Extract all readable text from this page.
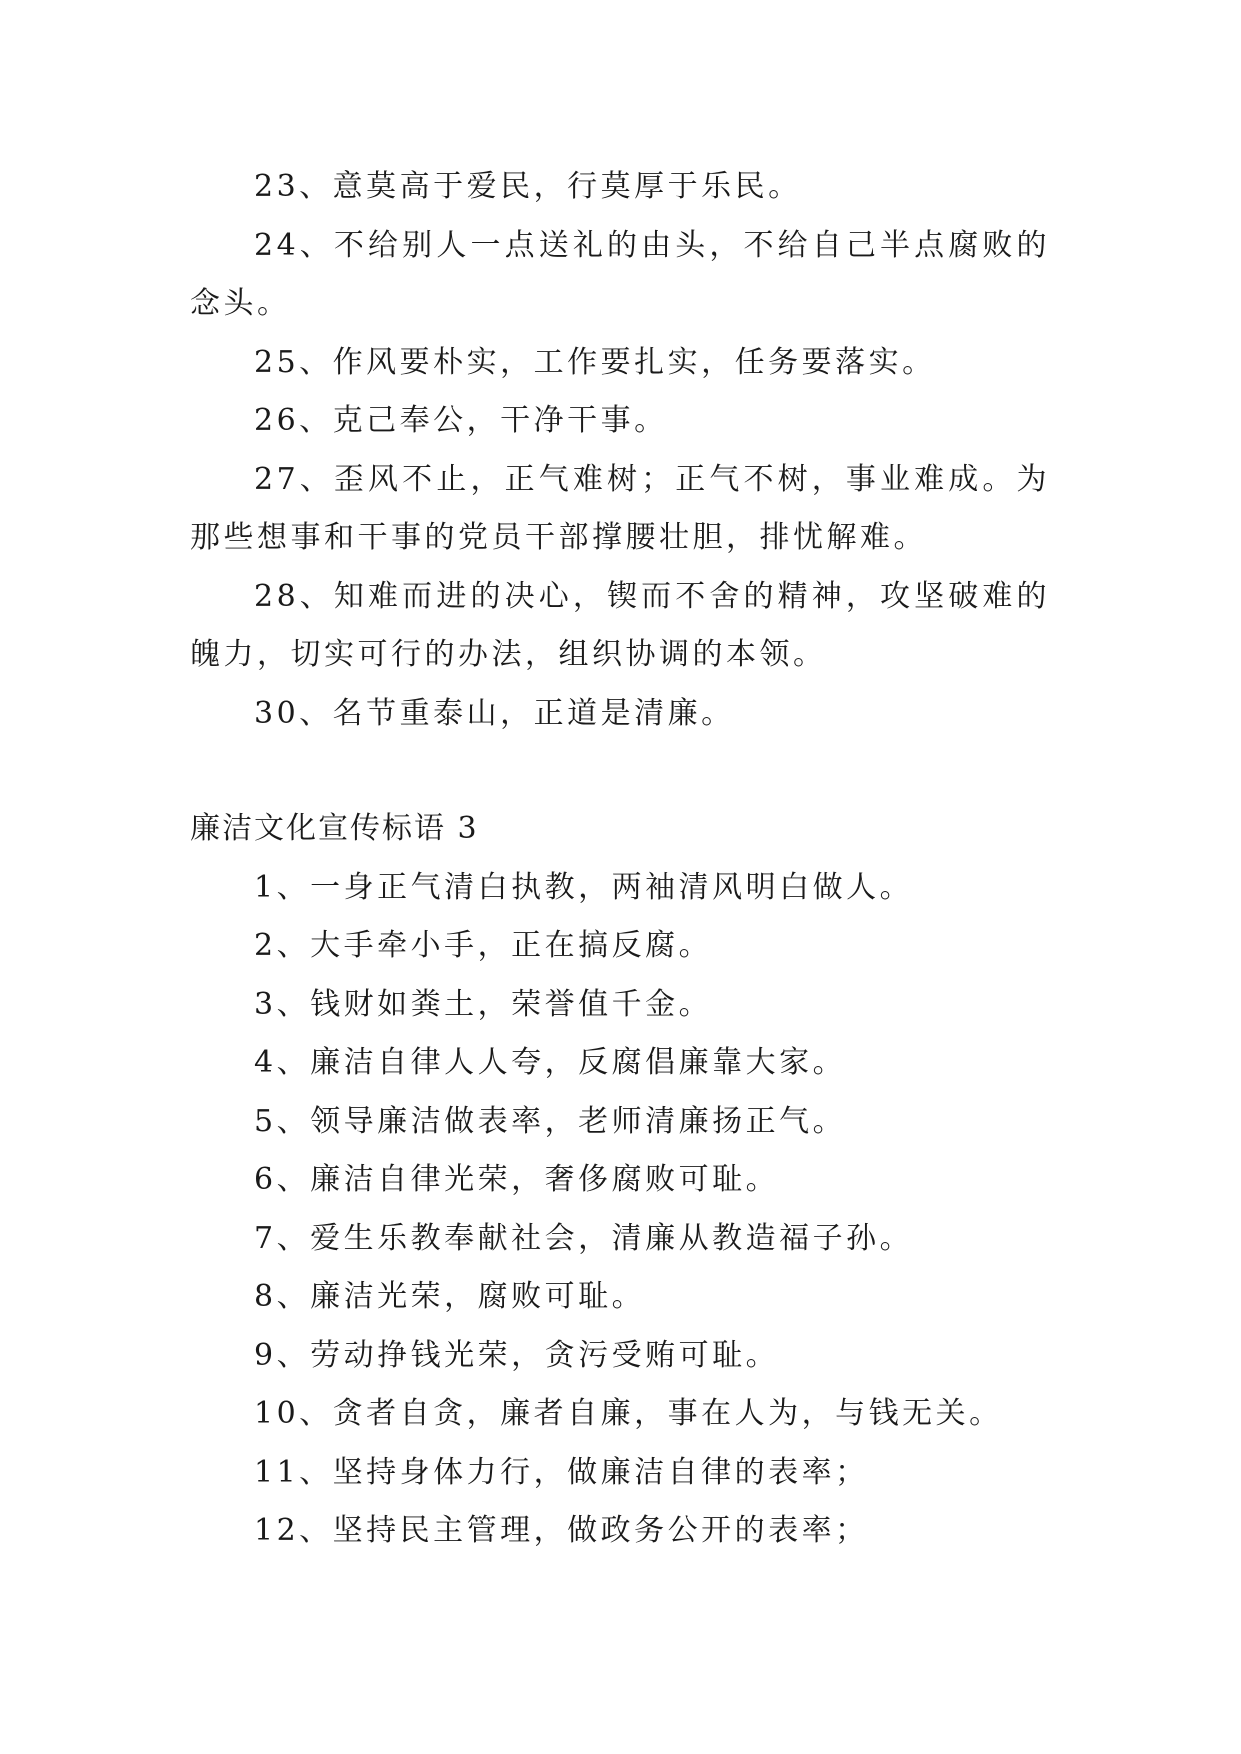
23、意莫高于爱民，行莫厚于乐民。

24、不给别人一点送礼的由头，不给自己半点腐败的念头。

25、作风要朴实，工作要扎实，任务要落实。

26、克己奉公，干净干事。

27、歪风不止，正气难树；正气不树，事业难成。为那些想事和干事的党员干部撑腰壮胆，排忧解难。

28、知难而进的决心，锲而不舍的精神，攻坚破难的魄力，切实可行的办法，组织协调的本领。

30、名节重泰山，正道是清廉。

廉洁文化宣传标语 3

1、一身正气清白执教，两袖清风明白做人。

2、大手牵小手，正在搞反腐。

3、钱财如粪土，荣誉值千金。

4、廉洁自律人人夸，反腐倡廉靠大家。

5、领导廉洁做表率，老师清廉扬正气。

6、廉洁自律光荣，奢侈腐败可耻。

7、爱生乐教奉献社会，清廉从教造福子孙。

8、廉洁光荣，腐败可耻。

9、劳动挣钱光荣，贪污受贿可耻。

10、贪者自贪，廉者自廉，事在人为，与钱无关。

11、坚持身体力行，做廉洁自律的表率；

12、坚持民主管理，做政务公开的表率；
